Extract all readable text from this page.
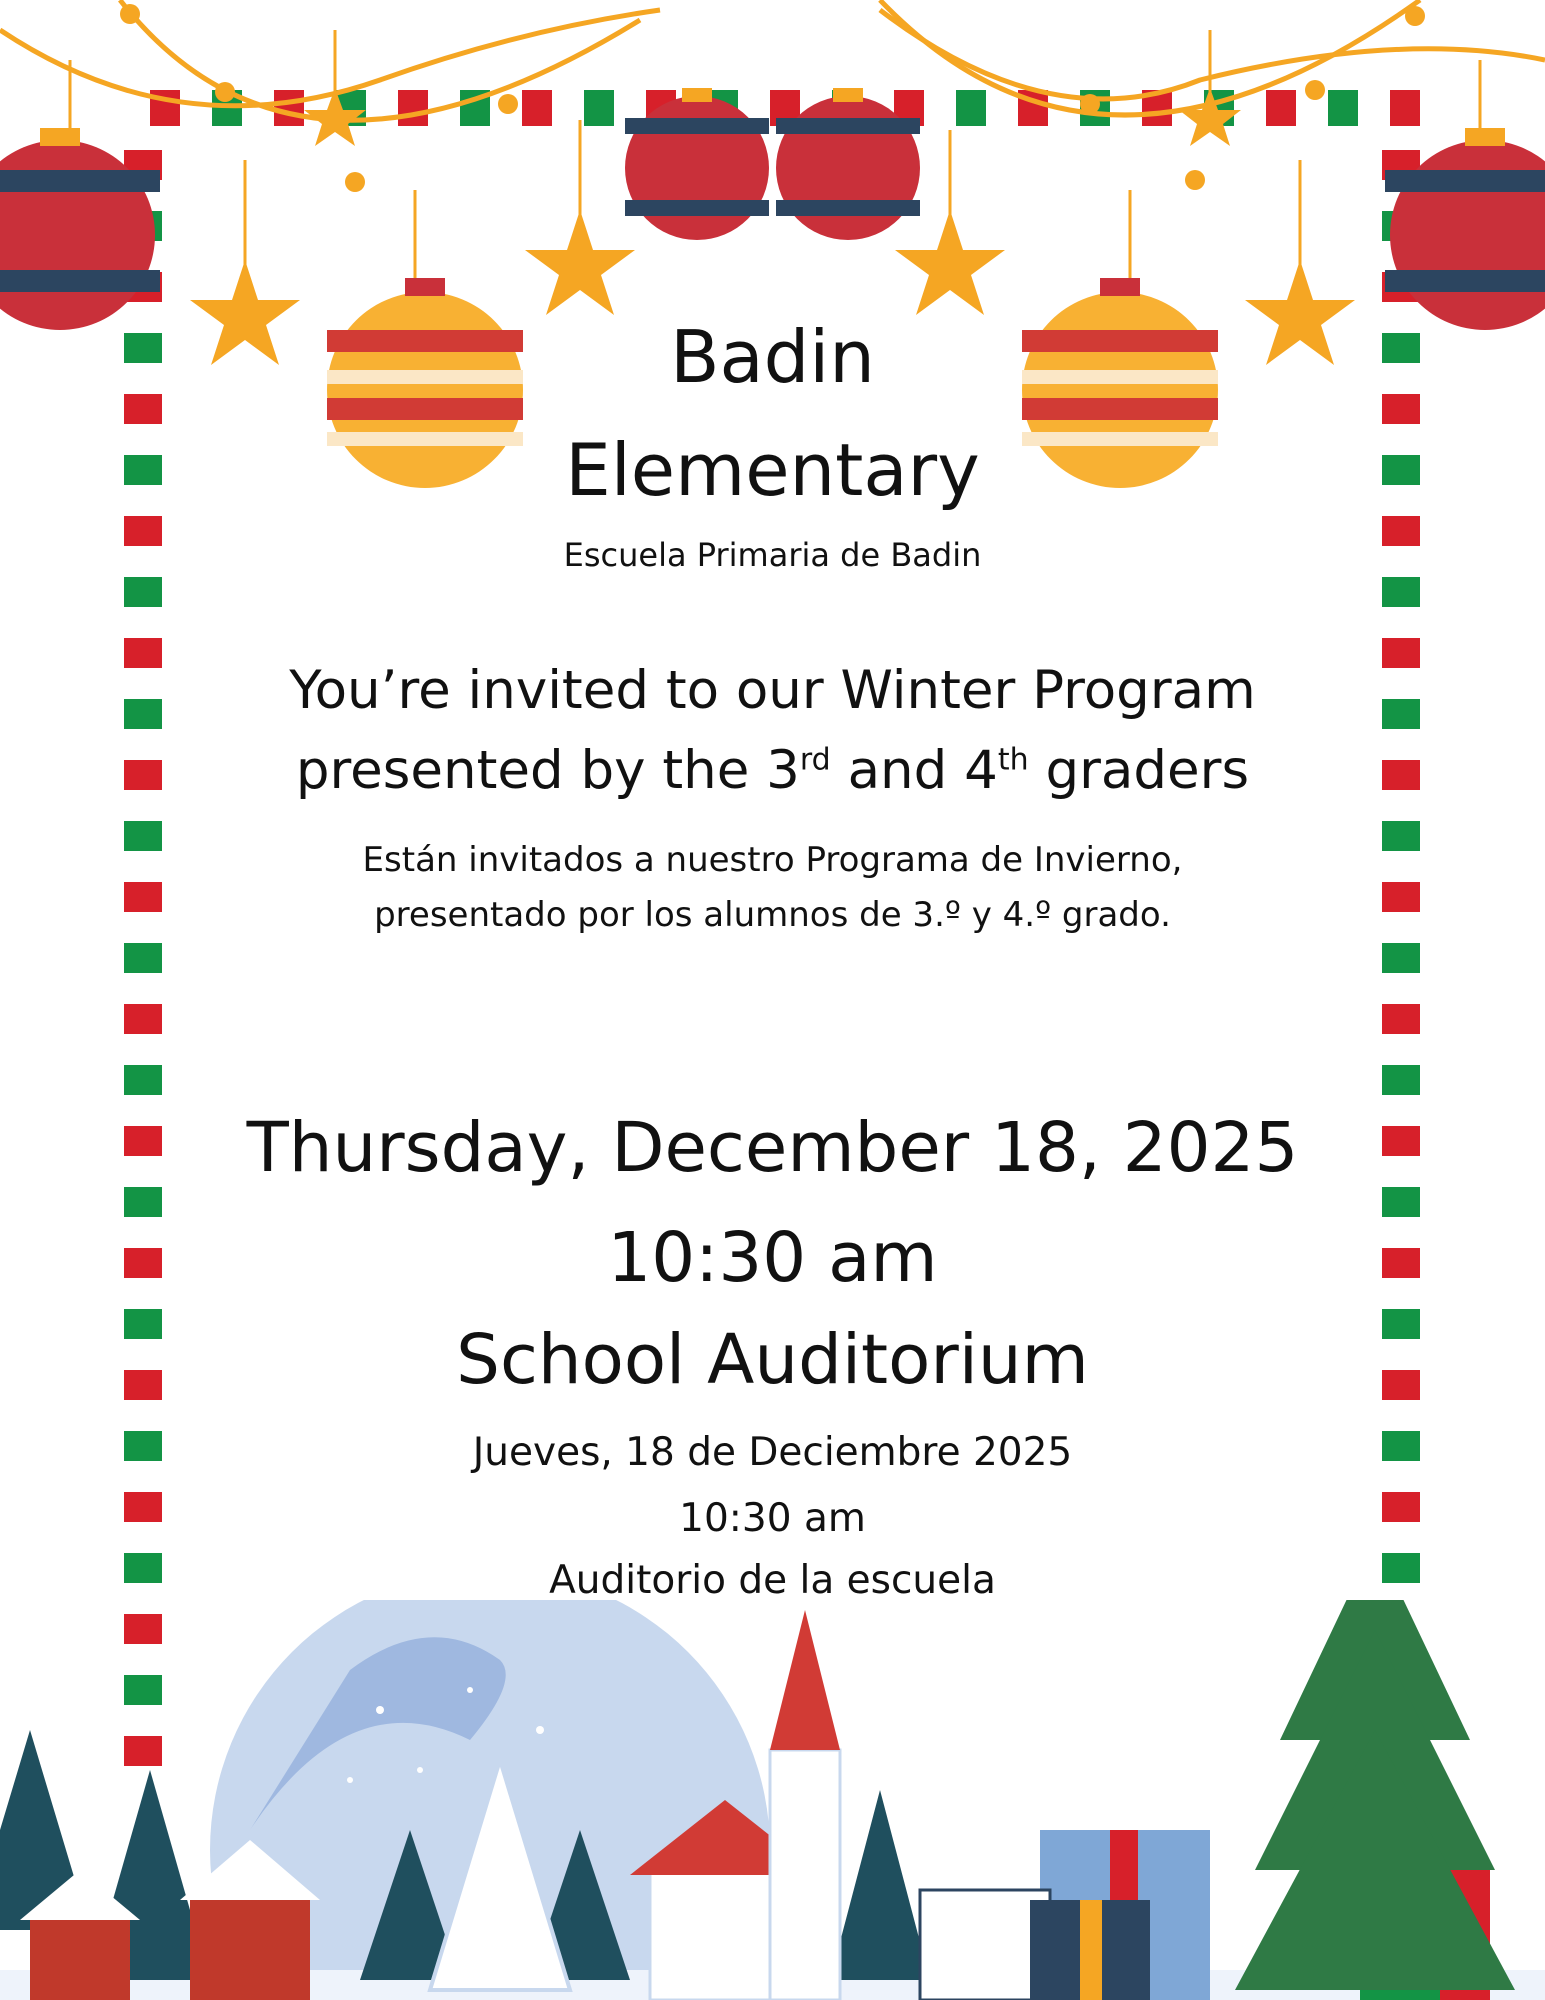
Badin
Elementary
Escuela Primaria de Badin
You’re invited to our Winter Program
presented by the 3rd and 4th graders
Están invitados a nuestro Programa de Invierno,
presentado por los alumnos de 3.º y 4.º grado.
Thursday, December 18, 2025
10:30 am
School Auditorium
Jueves, 18 de Deciembre 2025
10:30 am
Auditorio de la escuela
